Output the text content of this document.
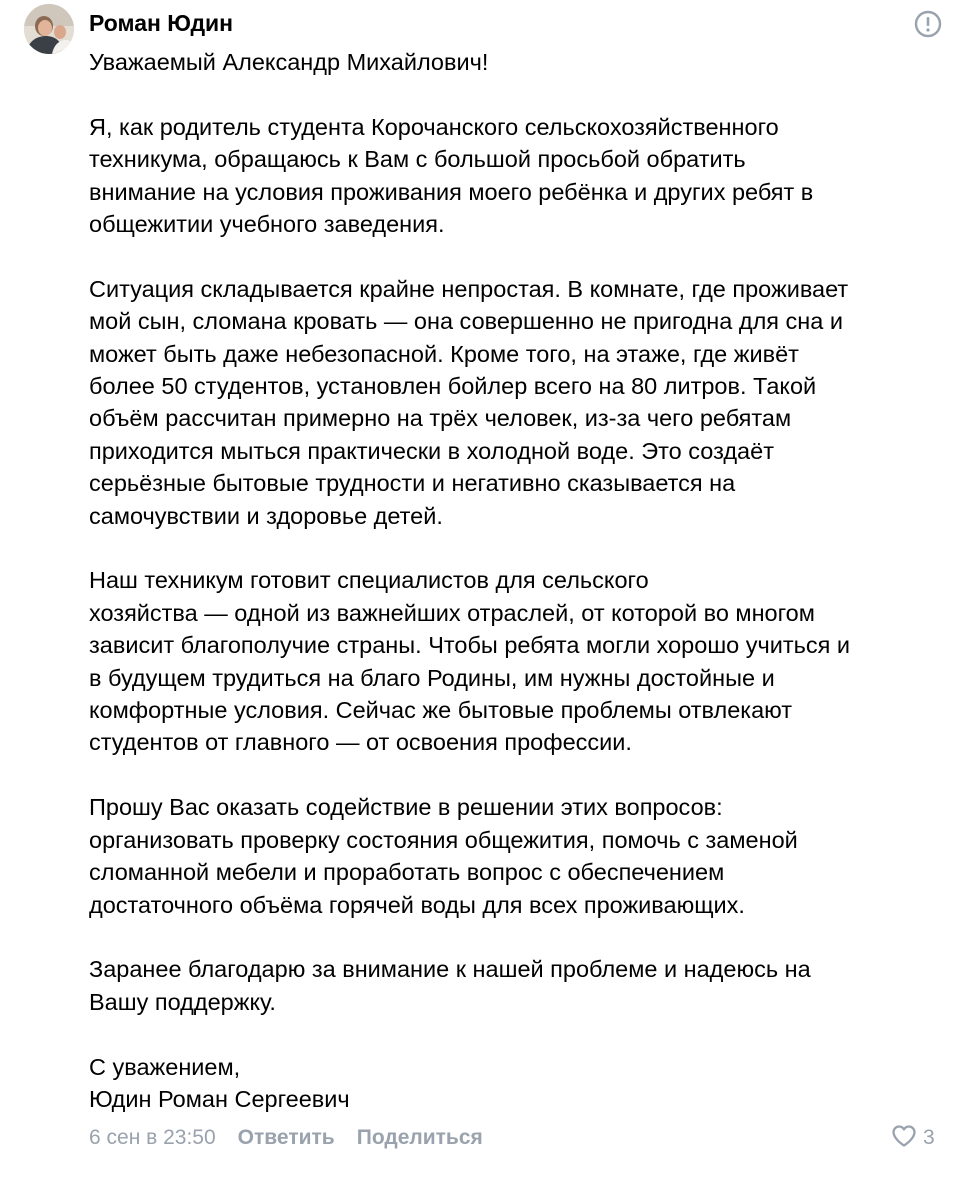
Роман Юдин

Уважаемый Александр Михайлович!

Я, как родитель студента Корочанского сельскохозяйственного

техникума, обращаюсь к Вам с большой просьбой обратить

внимание на условия проживания моего ребёнка и других ребят в

общежитии учебного заведения.

Ситуация складывается крайне непростая. В комнате, где проживает

мой сын, сломана кровать — она совершенно не пригодна для сна и

может быть даже небезопасной. Кроме того, на этаже, где живёт

более 50 студентов, установлен бойлер всего на 80 литров. Такой

объём рассчитан примерно на трёх человек, из-за чего ребятам

приходится мыться практически в холодной воде. Это создаёт

серьёзные бытовые трудности и негативно сказывается на

самочувствии и здоровье детей.

Наш техникум готовит специалистов для сельского

хозяйства — одной из важнейших отраслей, от которой во многом

зависит благополучие страны. Чтобы ребята могли хорошо учиться и

в будущем трудиться на благо Родины, им нужны достойные и

комфортные условия. Сейчас же бытовые проблемы отвлекают

студентов от главного — от освоения профессии.

Прошу Вас оказать содействие в решении этих вопросов:

организовать проверку состояния общежития, помочь с заменой

сломанной мебели и проработать вопрос с обеспечением

достаточного объёма горячей воды для всех проживающих.

Заранее благодарю за внимание к нашей проблеме и надеюсь на

Вашу поддержку.

С уважением,

Юдин Роман Сергеевич

6 сен в 23:50 Ответить Поделиться	3
